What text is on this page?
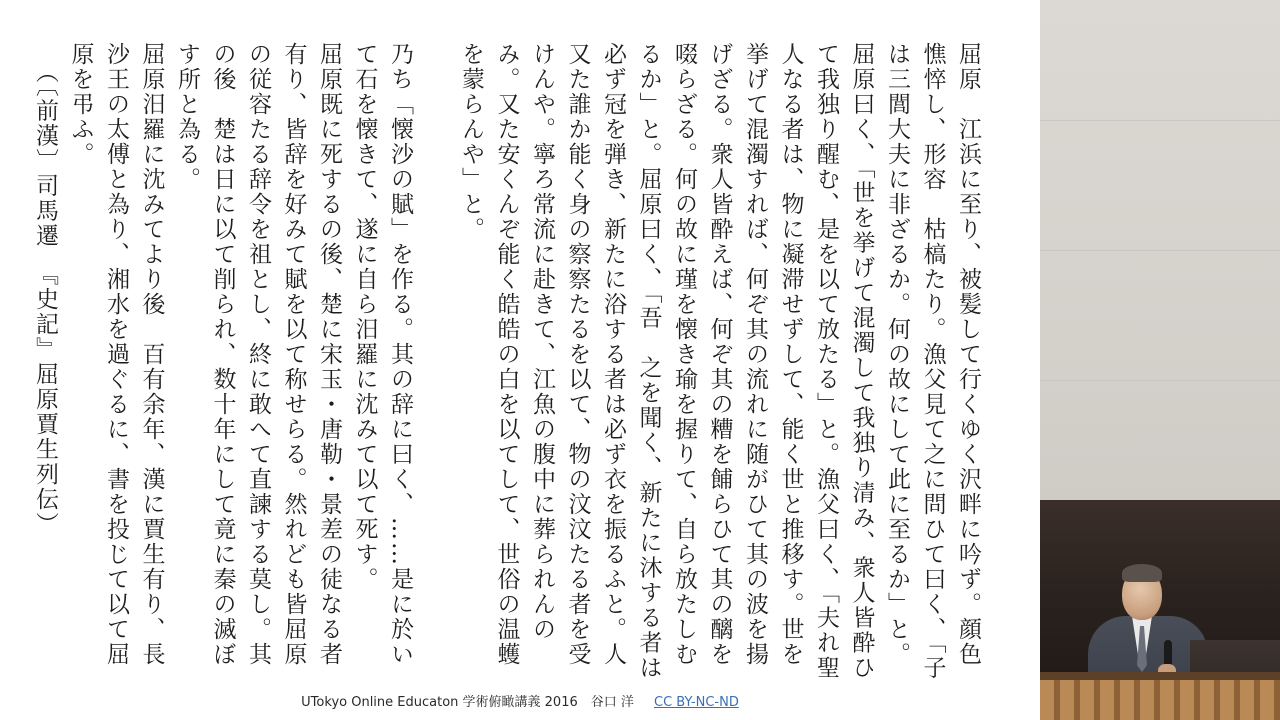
屈原　江浜に至り、被髪して行くゆく沢畔に吟ず。顔色　憔悴し、形容　枯槁たり。漁父見て之に問ひて曰く、「子は三閭大夫に非ざるか。何の故にして此に至るか」と。屈原曰く、「世を挙げて混濁して我独り清み、衆人皆酔ひて我独り醒む、是を以て放たる」と。漁父曰く、「夫れ聖人なる者は、物に凝滞せずして、能く世と推移す。世を挙げて混濁すれば、何ぞ其の流れに随がひて其の波を揚げざる。衆人皆酔えば、何ぞ其の糟を餔らひて其の醨を啜らざる。何の故に瑾を懐き瑜を握りて、自ら放たしむるか」と。屈原曰く、「吾　之を聞く、新たに沐する者は必ず冠を弾き、新たに浴する者は必ず衣を振るふと。人又た誰か能く身の察察たるを以て、物の汶汶たる者を受けんや。寧ろ常流に赴きて、江魚の腹中に葬られんのみ。又た安くんぞ能く皓皓の白を以てして、世俗の温蠖を蒙らんや」と。

乃ち「懐沙の賦」を作る。其の辞に曰く、……是に於いて石を懐きて、遂に自ら汨羅に沈みて以て死す。

屈原既に死するの後、楚に宋玉・唐勒・景差の徒なる者有り、皆辞を好みて賦を以て称せらる。然れども皆屈原の従容たる辞令を祖とし、終に敢へて直諫する莫し。其の後　楚は日に以て削られ、数十年にして竟に秦の滅ぼす所と為る。

屈原汨羅に沈みてより後　百有余年、漢に賈生有り、長沙王の太傅と為り、湘水を過ぐるに、書を投じて以て屈原を弔ふ。

（〔前漢〕司馬遷　『史記』屈原賈生列伝）

UTokyo Online Educaton 学術俯瞰講義 2016　谷口 洋 CC BY-NC-ND
